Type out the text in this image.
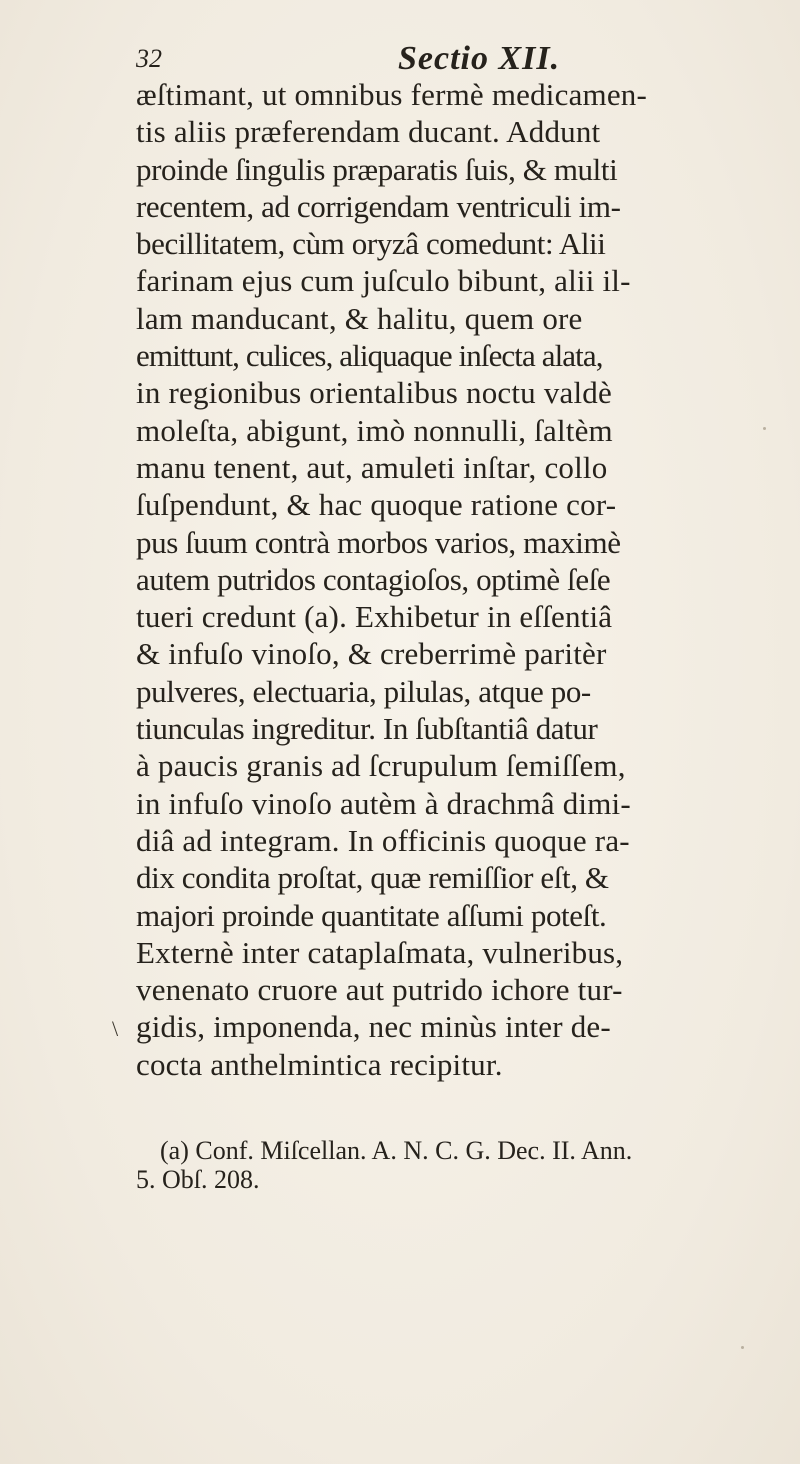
32	Sectio XII.
æſtimant, ut omnibus fermè medicamen-
tis aliis præferendam ducant. Addunt
proinde ſingulis præparatis ſuis, & multi
recentem, ad corrigendam ventriculi im-
becillitatem, cùm oryzâ comedunt: Alii
farinam ejus cum juſculo bibunt, alii il-
lam manducant, & halitu, quem ore
emittunt, culices, aliquaque inſecta alata,
in regionibus orientalibus noctu valdè
moleſta, abigunt, imò nonnulli, ſaltèm
manu tenent, aut, amuleti inſtar, collo
ſuſpendunt, & hac quoque ratione cor-
pus ſuum contrà morbos varios, maximè
autem putridos contagioſos, optimè ſeſe
tueri credunt (a). Exhibetur in eſſentiâ
& infuſo vinoſo, & creberrimè paritèr
pulveres, electuaria, pilulas, atque po-
tiunculas ingreditur. In ſubſtantiâ datur
à paucis granis ad ſcrupulum ſemiſſem,
in infuſo vinoſo autèm à drachmâ dimi-
diâ ad integram. In officinis quoque ra-
dix condita proſtat, quæ remiſſior eſt, &
majori proinde quantitate aſſumi poteſt.
Externè inter cataplaſmata, vulneribus,
venenato cruore aut putrido ichore tur-
gidis, imponenda, nec minùs inter de-
cocta anthelmintica recipitur.
\
(a) Conf. Miſcellan. A. N. C. G. Dec. II. Ann.
5. Obſ. 208.
